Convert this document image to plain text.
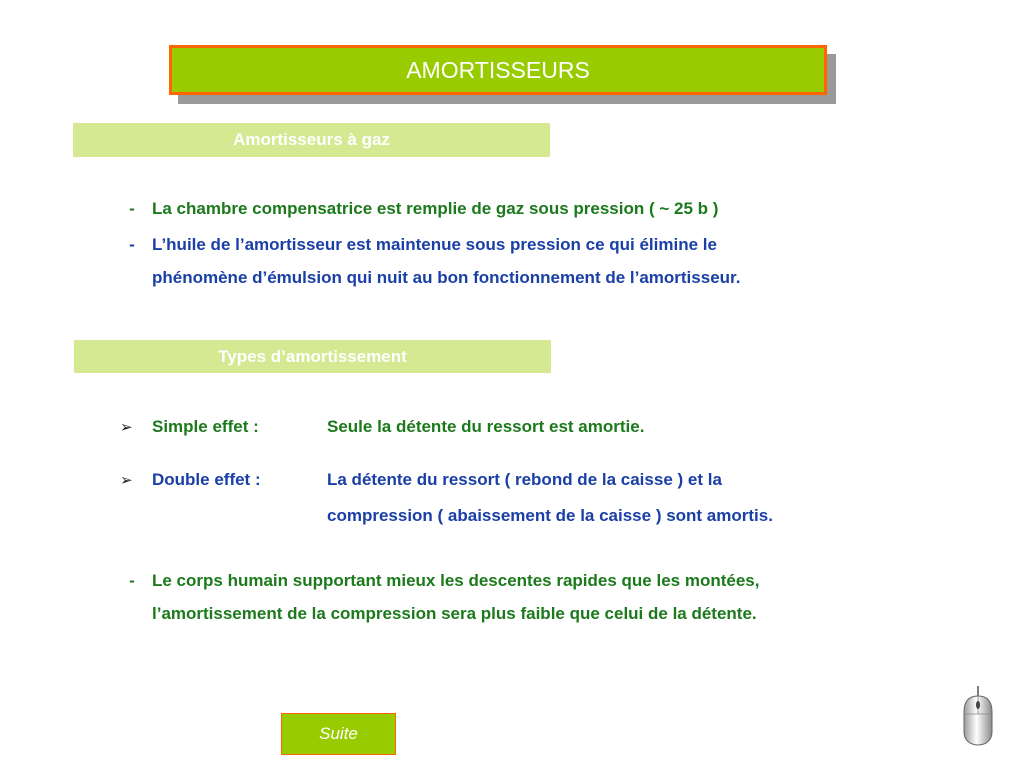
AMORTISSEURS
Amortisseurs à gaz
-	La chambre compensatrice est remplie de gaz sous pression ( ~ 25 b )
-	L’huile de l’amortisseur est maintenue sous pression ce qui élimine le
phénomène d’émulsion qui nuit au bon fonctionnement de l’amortisseur.
Types d’amortissement
➢ Simple effet :	Seule la détente du ressort est amortie.
➢ Double effet :	La détente du ressort ( rebond de la caisse ) et la
compression ( abaissement de la caisse ) sont amortis.
-	Le corps humain supportant mieux les descentes rapides que les montées,
l’amortissement de la compression sera plus faible que celui de la détente.
Suite
